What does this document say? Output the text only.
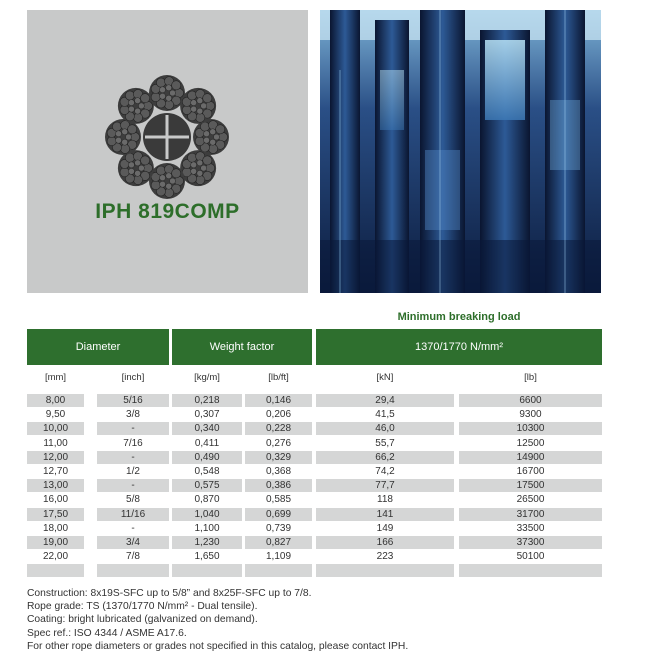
IPH 819COMP
Minimum breaking load
Diameter	Weight factor	1370/1770 N/mm²
[mm]	[inch]	[kg/m]	[lb/ft]	[kN]	[lb]
8,00	5/16	0,218	0,146	29,4	6600
9,50	3/8	0,307	0,206	41,5	9300
10,00	-	0,340	0,228	46,0	10300
11,00	7/16	0,411	0,276	55,7	12500
12,00	-	0,490	0,329	66,2	14900
12,70	1/2	0,548	0,368	74,2	16700
13,00	-	0,575	0,386	77,7	17500
16,00	5/8	0,870	0,585	118	26500
17,50	11/16	1,040	0,699	141	31700
18,00	-	1,100	0,739	149	33500
19,00	3/4	1,230	0,827	166	37300
22,00	7/8	1,650	1,109	223	50100
Construction: 8x19S-SFC up to 5/8” and 8x25F-SFC up to 7/8.
Rope grade: TS (1370/1770 N/mm² - Dual tensile).
Coating: bright lubricated (galvanized on demand).
Spec ref.: ISO 4344 / ASME A17.6.
For other rope diameters or grades not specified in this catalog, please contact IPH.
